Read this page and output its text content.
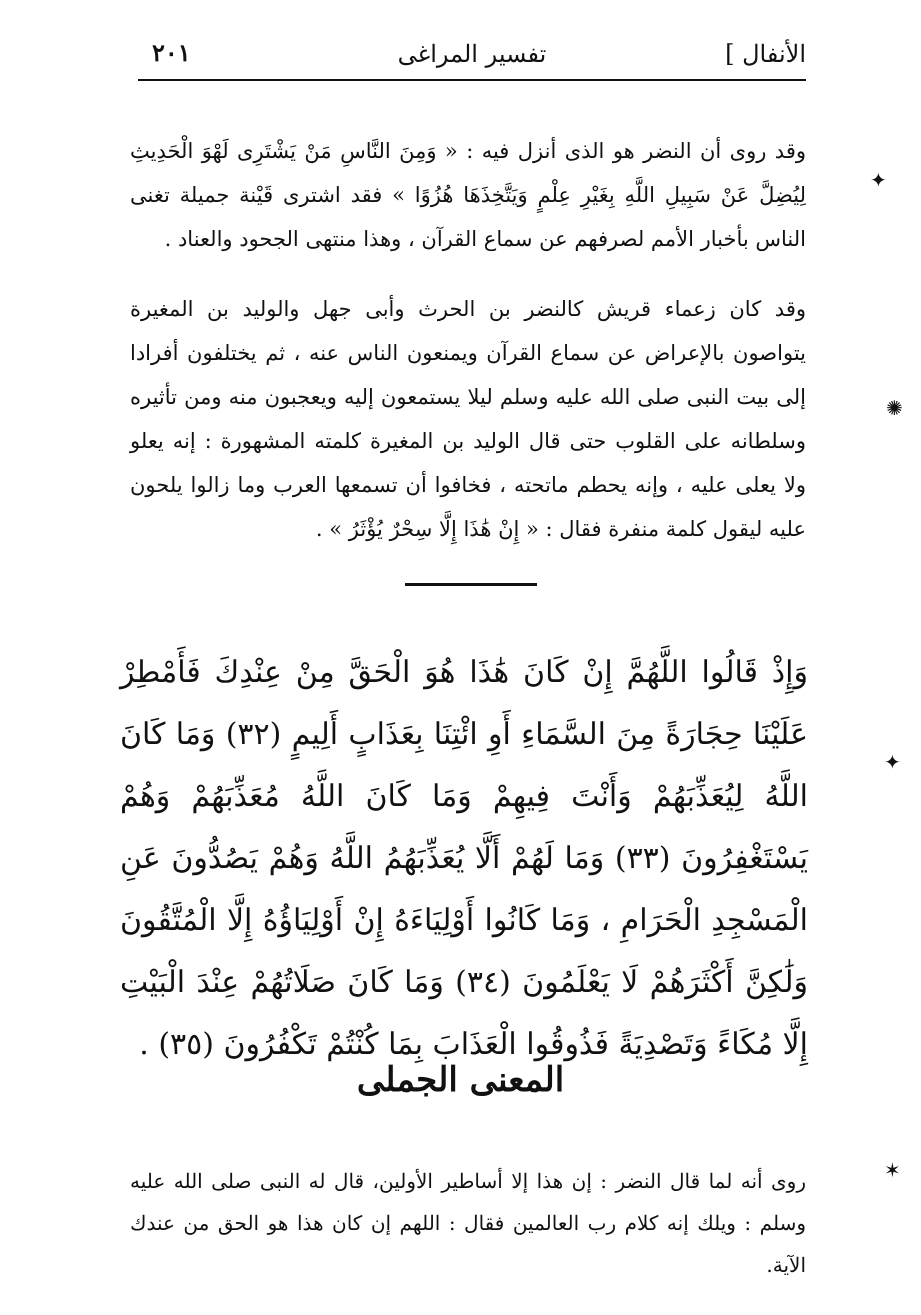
الأنفال ]
تفسير المراغى
٢٠١

وقد روى أن النضر هو الذى أنزل فيه : « وَمِنَ النَّاسِ مَنْ يَشْتَرِى لَهْوَ الْحَدِيثِ لِيُضِلَّ عَنْ سَبِيلِ اللَّهِ بِغَيْرِ عِلْمٍ وَيَتَّخِذَهَا هُزُوًا » فقد اشترى قَيْنة جميلة تغنى الناس بأخبار الأمم لصرفهم عن سماع القرآن ، وهذا منتهى الجحود والعناد .

وقد كان زعماء قريش كالنضر بن الحرث وأبى جهل والوليد بن المغيرة يتواصون بالإعراض عن سماع القرآن ويمنعون الناس عنه ، ثم يختلفون أفرادا إلى بيت النبى صلى الله عليه وسلم ليلا يستمعون إليه ويعجبون منه ومن تأثيره وسلطانه على القلوب حتى قال الوليد بن المغيرة كلمته المشهورة : إنه يعلو ولا يعلى عليه ، وإنه يحطم ماتحته ، فخافوا أن تسمعها العرب وما زالوا يلحون عليه ليقول كلمة منفرة فقال : « إِنْ هَٰذَا إِلَّا سِحْرٌ يُؤْثَرُ » .

وَإِذْ قَالُوا اللَّهُمَّ إِنْ كَانَ هَٰذَا هُوَ الْحَقَّ مِنْ عِنْدِكَ فَأَمْطِرْ عَلَيْنَا حِجَارَةً مِنَ السَّمَاءِ أَوِ ائْتِنَا بِعَذَابٍ أَلِيمٍ (٣٢) وَمَا كَانَ اللَّهُ لِيُعَذِّبَهُمْ وَأَنْتَ فِيهِمْ وَمَا كَانَ اللَّهُ مُعَذِّبَهُمْ وَهُمْ يَسْتَغْفِرُونَ (٣٣) وَمَا لَهُمْ أَلَّا يُعَذِّبَهُمُ اللَّهُ وَهُمْ يَصُدُّونَ عَنِ الْمَسْجِدِ الْحَرَامِ ، وَمَا كَانُوا أَوْلِيَاءَهُ إِنْ أَوْلِيَاؤُهُ إِلَّا الْمُتَّقُونَ وَلَٰكِنَّ أَكْثَرَهُمْ لَا يَعْلَمُونَ (٣٤) وَمَا كَانَ صَلَاتُهُمْ عِنْدَ الْبَيْتِ إِلَّا مُكَاءً وَتَصْدِيَةً فَذُوقُوا الْعَذَابَ بِمَا كُنْتُمْ تَكْفُرُونَ (٣٥) .

المعنى الجملى

روى أنه لما قال النضر : إن هذا إلا أساطير الأولين، قال له النبى صلى الله عليه وسلم : ويلك إنه كلام رب العالمين فقال : اللهم إن كان هذا هو الحق من عندك الآية.

✦
✺
✦
✶
